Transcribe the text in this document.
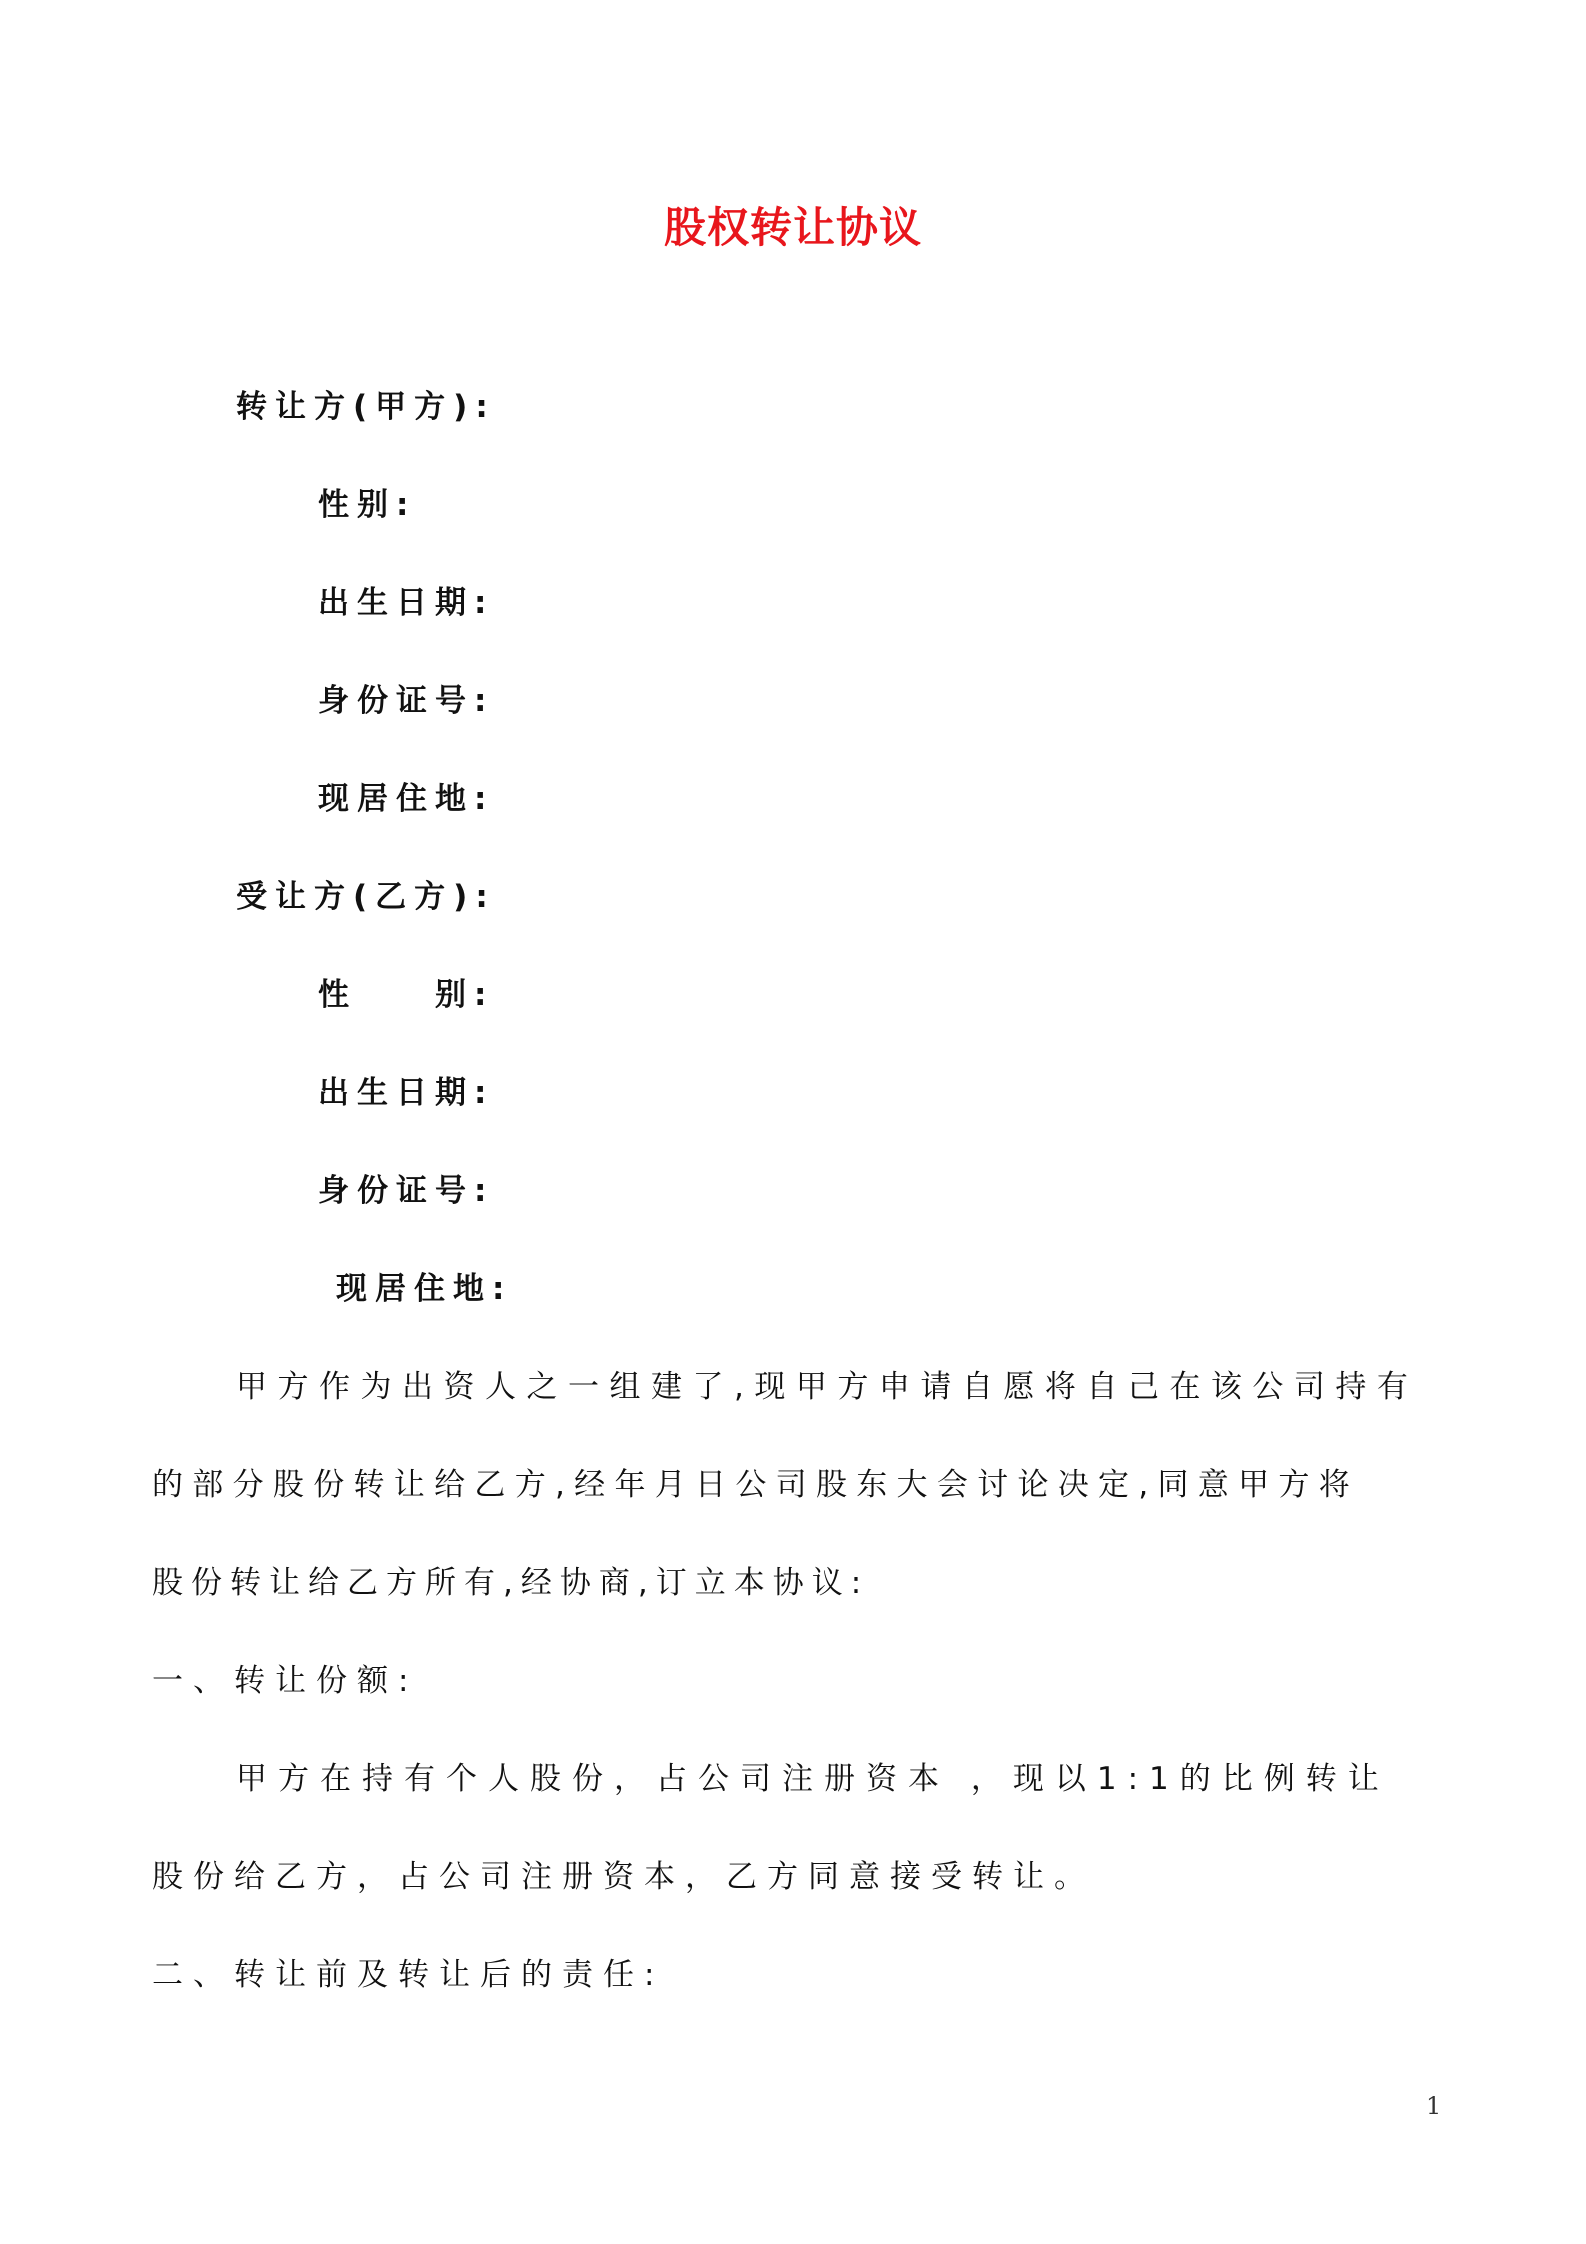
股权转让协议
转让方(甲方):
性别:
出生日期:
身份证号:
现居住地:
受让方(乙方):
性　　别:
出生日期:
身份证号:
现居住地:
甲方作为出资人之一组建了,现甲方申请自愿将自己在该公司持有
的部分股份转让给乙方,经年月日公司股东大会讨论决定,同意甲方将
股份转让给乙方所有,经协商,订立本协议:
一、转让份额:
甲方在持有个人股份，占公司注册资本 ，现以1:1的比例转让
股份给乙方，占公司注册资本，乙方同意接受转让。
二、转让前及转让后的责任:
1
